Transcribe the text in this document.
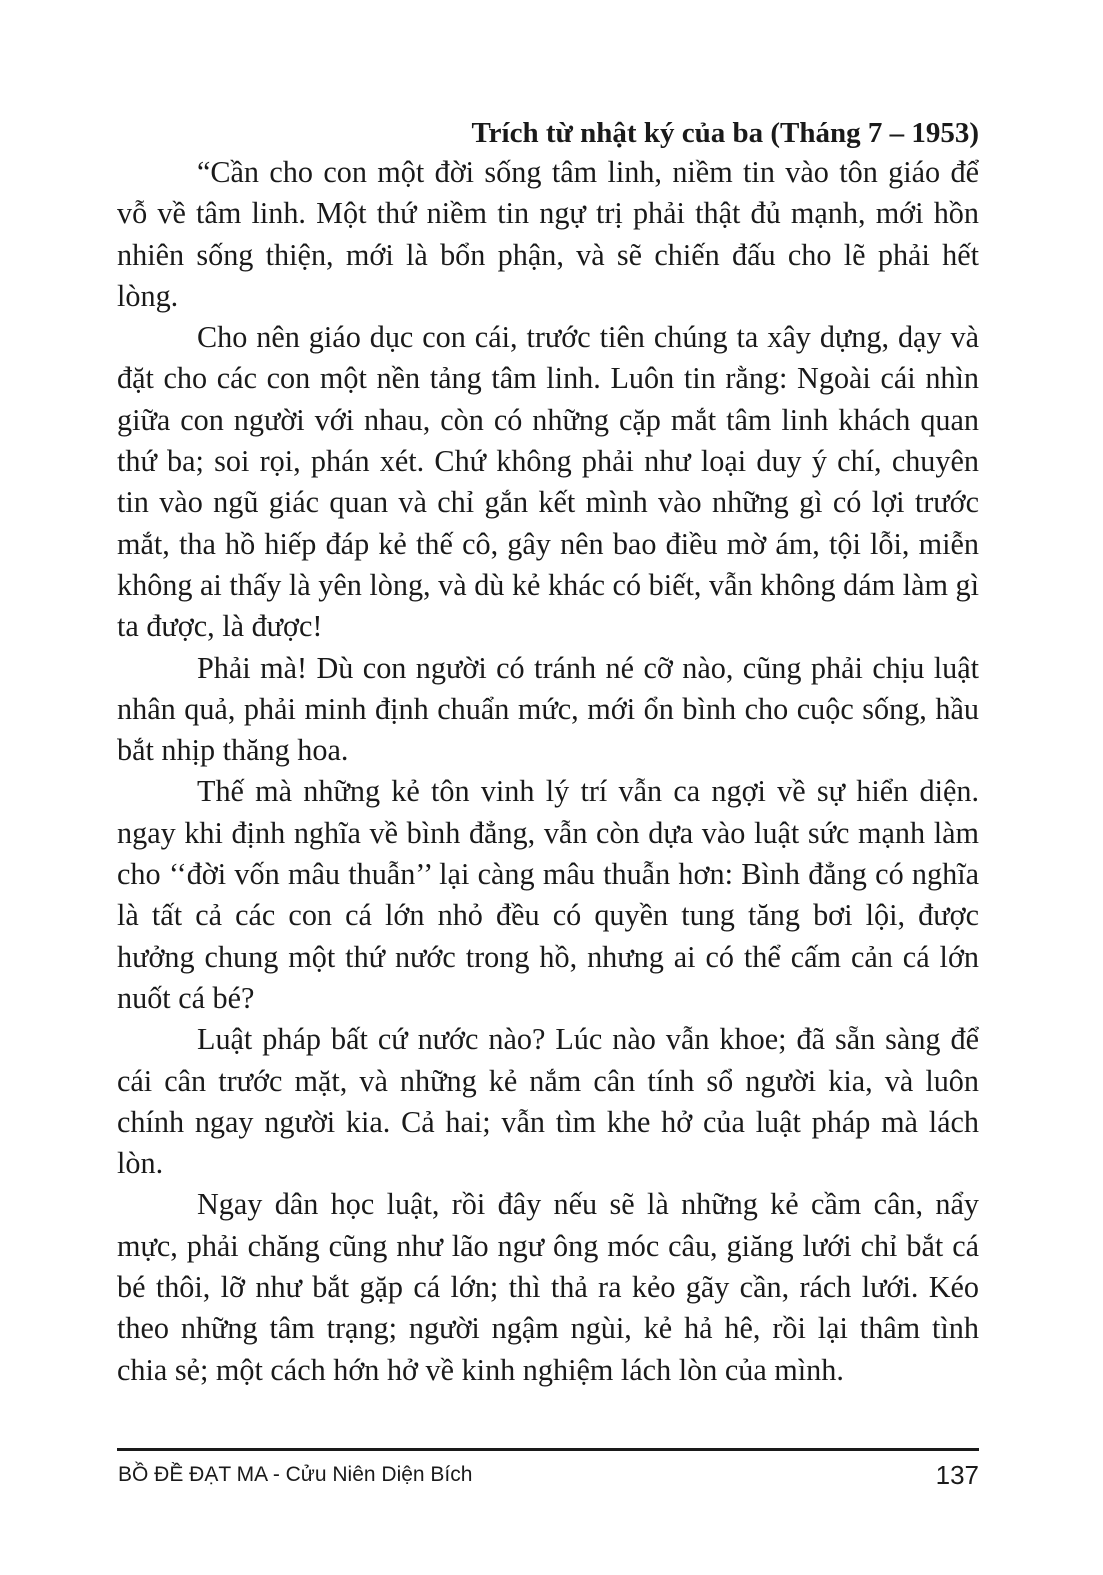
Trích từ nhật ký của ba (Tháng 7 – 1953)

“Cần cho con một đời sống tâm linh, niềm tin vào tôn giáo để vỗ về tâm linh. Một thứ niềm tin ngự trị phải thật đủ mạnh, mới hồn nhiên sống thiện, mới là bổn phận, và sẽ chiến đấu cho lẽ phải hết lòng.

Cho nên giáo dục con cái, trước tiên chúng ta xây dựng, dạy và đặt cho các con một nền tảng tâm linh. Luôn tin rằng: Ngoài cái nhìn giữa con người với nhau, còn có những cặp mắt tâm linh khách quan thứ ba; soi rọi, phán xét. Chứ không phải như loại duy ý chí, chuyên tin vào ngũ giác quan và chỉ gắn kết mình vào những gì có lợi trước mắt, tha hồ hiếp đáp kẻ thế cô, gây nên bao điều mờ ám, tội lỗi, miễn không ai thấy là yên lòng, và dù kẻ khác có biết, vẫn không dám làm gì ta được, là được!

Phải mà! Dù con người có tránh né cỡ nào, cũng phải chịu luật nhân quả, phải minh định chuẩn mức, mới ổn bình cho cuộc sống, hầu bắt nhịp thăng hoa.

Thế mà những kẻ tôn vinh lý trí vẫn ca ngợi về sự hiển diện. ngay khi định nghĩa về bình đẳng, vẫn còn dựa vào luật sức mạnh làm cho ‘‘đời vốn mâu thuẫn’’ lại càng mâu thuẫn hơn: Bình đẳng có nghĩa là tất cả các con cá lớn nhỏ đều có quyền tung tăng bơi lội, được hưởng chung một thứ nước trong hồ, nhưng ai có thể cấm cản cá lớn nuốt cá bé?

Luật pháp bất cứ nước nào? Lúc nào vẫn khoe; đã sẵn sàng để cái cân trước mặt, và những kẻ nắm cân tính sổ người kia, và luôn chính ngay người kia. Cả hai; vẫn tìm khe hở của luật pháp mà lách lòn.

Ngay dân học luật, rồi đây nếu sẽ là những kẻ cầm cân, nẩy mực, phải chăng cũng như lão ngư ông móc câu, giăng lưới chỉ bắt cá bé thôi, lỡ như bắt gặp cá lớn; thì thả ra kẻo gãy cần, rách lưới. Kéo theo những tâm trạng; người ngậm ngùi, kẻ hả hê, rồi lại thâm tình chia sẻ; một cách hớn hở về kinh nghiệm lách lòn của mình.

BỒ ĐỀ ĐẠT MA - Cửu Niên Diện Bích	137
